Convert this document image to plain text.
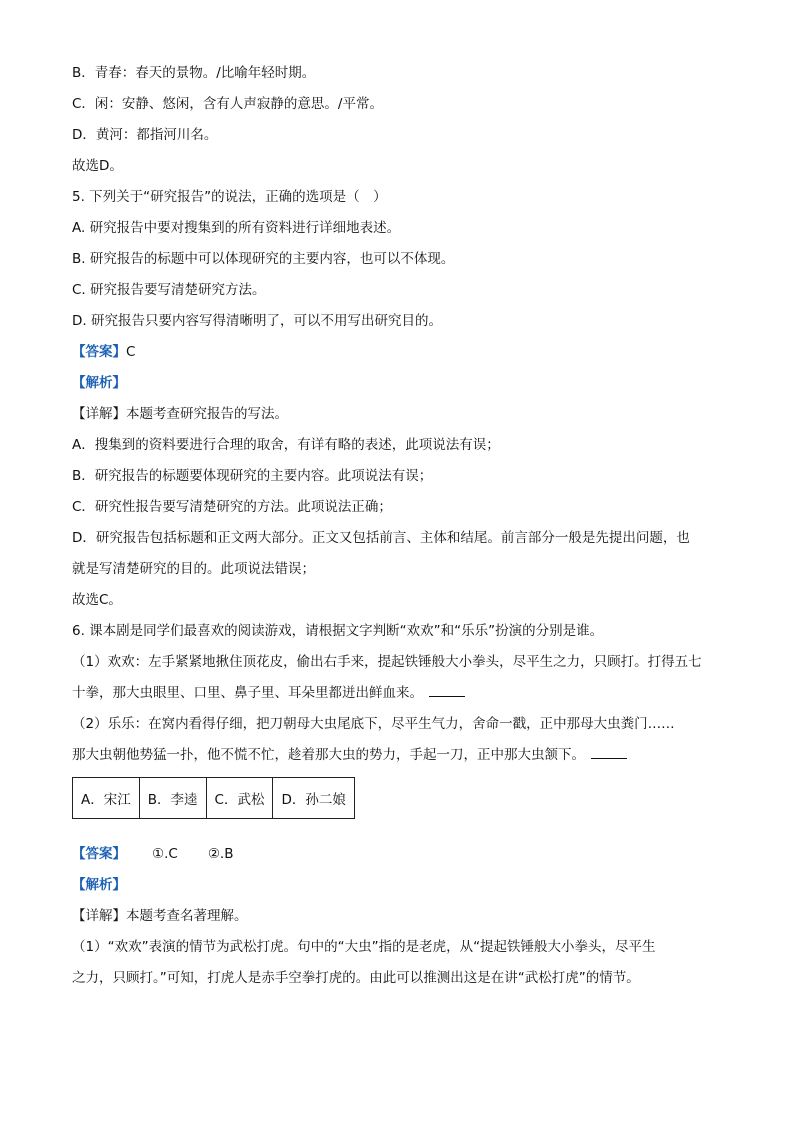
B．青春：春天的景物。/比喻年轻时期。
C．闲：安静、悠闲，含有人声寂静的意思。/平常。
D．黄河：都指河川名。
故选D。
5. 下列关于“研究报告”的说法，正确的选项是（　）
A. 研究报告中要对搜集到的所有资料进行详细地表述。
B. 研究报告的标题中可以体现研究的主要内容，也可以不体现。
C. 研究报告要写清楚研究方法。
D. 研究报告只要内容写得清晰明了，可以不用写出研究目的。
【答案】C
【解析】
【详解】本题考查研究报告的写法。
A．搜集到的资料要进行合理的取舍，有详有略的表述，此项说法有误；
B．研究报告的标题要体现研究的主要内容。此项说法有误；
C．研究性报告要写清楚研究的方法。此项说法正确；
D．研究报告包括标题和正文两大部分。正文又包括前言、主体和结尾。前言部分一般是先提出问题，也
就是写清楚研究的目的。此项说法错误；
故选C。
6. 课本剧是同学们最喜欢的阅读游戏，请根据文字判断“欢欢”和“乐乐”扮演的分别是谁。
（1）欢欢：左手紧紧地揪住顶花皮，偷出右手来，提起铁锤般大小拳头，尽平生之力，只顾打。打得五七
十拳，那大虫眼里、口里、鼻子里、耳朵里都迸出鲜血来。
（2）乐乐：在窝内看得仔细，把刀朝母大虫尾底下，尽平生气力，舍命一戳，正中那母大虫粪门……
那大虫朝他势猛一扑，他不慌不忙，趁着那大虫的势力，手起一刀，正中那大虫颔下。
A．宋江	B．李逵	C．武松	D．孙二娘
【答案】 ①.C ②.B
【解析】
【详解】本题考查名著理解。
（1）“欢欢”表演的情节为武松打虎。句中的“大虫”指的是老虎，从“提起铁锤般大小拳头，尽平生
之力，只顾打。”可知，打虎人是赤手空拳打虎的。由此可以推测出这是在讲“武松打虎”的情节。
